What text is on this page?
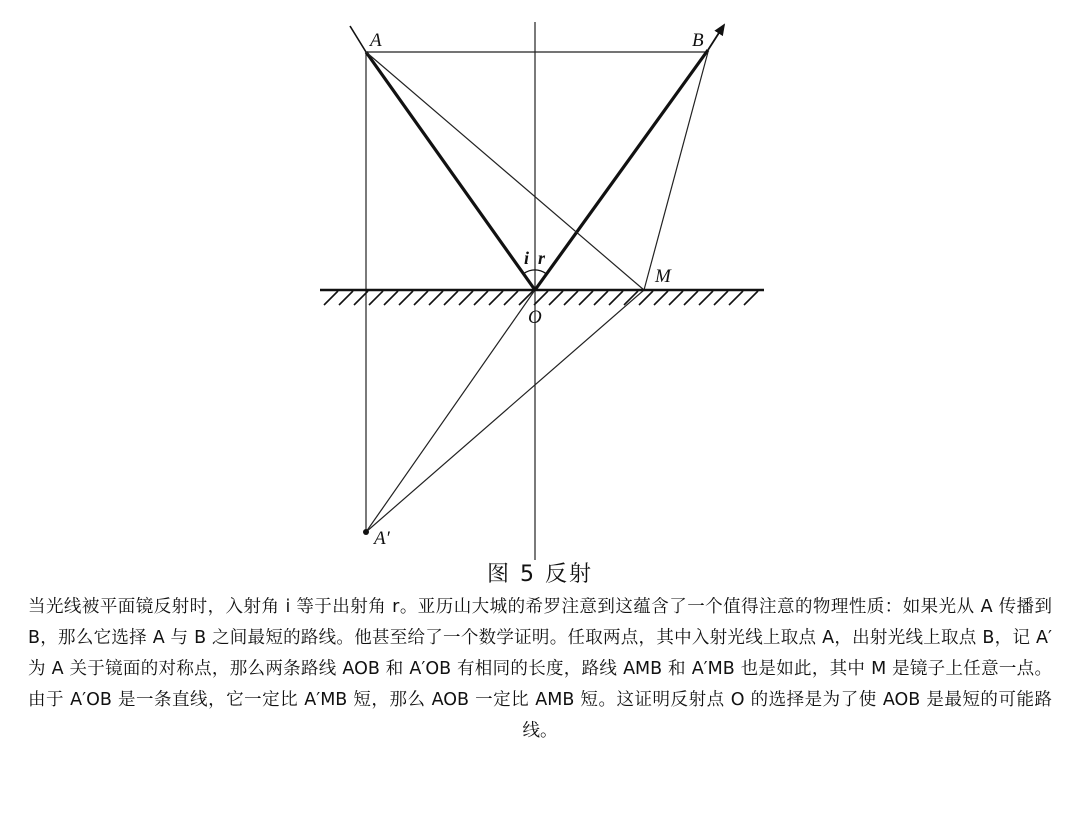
A	B
O
M
A′
i r
图 5 反射
当光线被平面镜反射时，入射角 i 等于出射角 r。亚历山大城的希罗注意到这蕴含了一个值得注意的物理性质：如果光从 A 传播到 B，那么它选择 A 与 B 之间最短的路线。他甚至给了一个数学证明。任取两点，其中入射光线上取点 A，出射光线上取点 B，记 A′为 A 关于镜面的对称点，那么两条路线 AOB 和 A′OB 有相同的长度，路线 AMB 和 A′MB 也是如此，其中 M 是镜子上任意一点。由于 A′OB 是一条直线，它一定比 A′MB 短，那么 AOB 一定比 AMB 短。这证明反射点 O 的选择是为了使 AOB 是最短的可能路线。
